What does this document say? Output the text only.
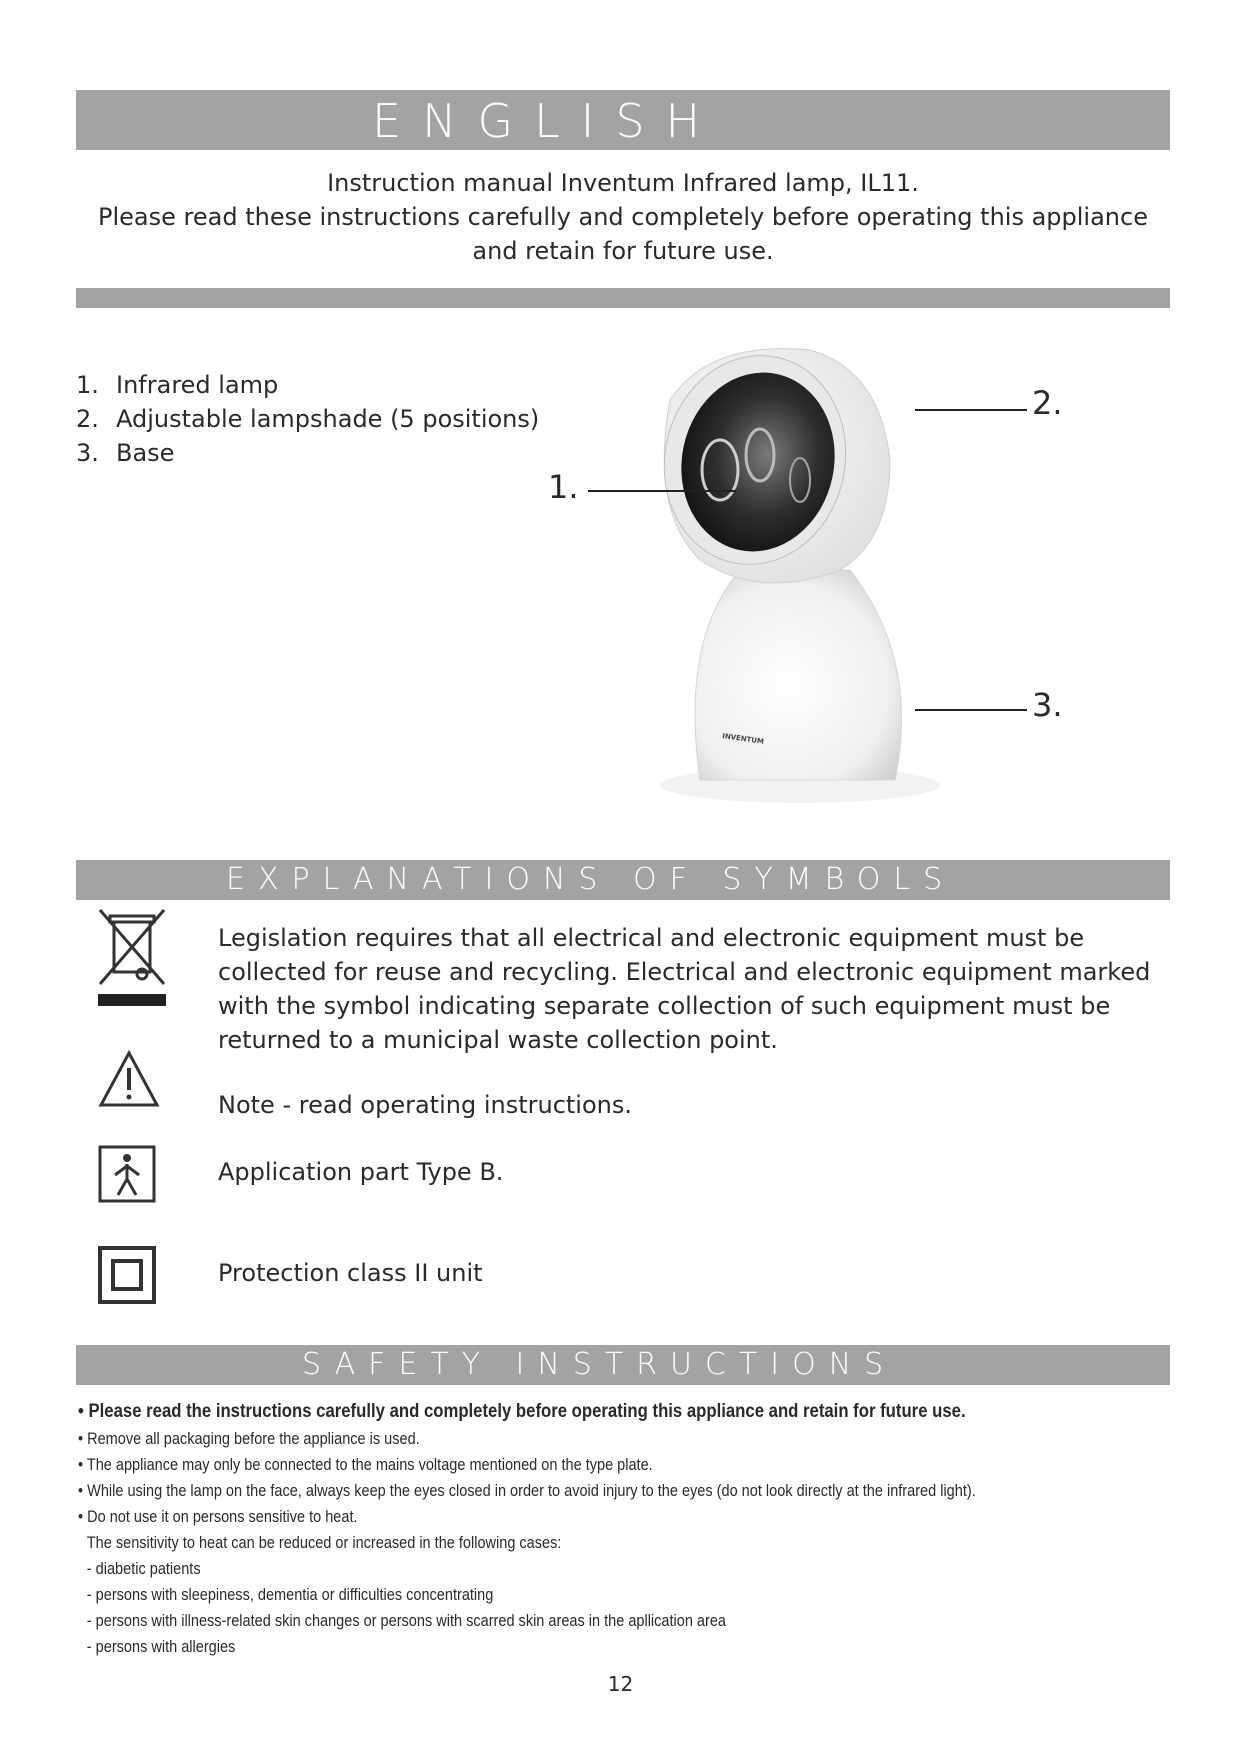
ENGLISH
Instruction manual Inventum Infrared lamp, IL11.
Please read these instructions carefully and completely before operating this appliance
and retain for future use.
1. Infrared lamp
2. Adjustable lampshade (5 positions)
3. Base
INVENTUM
1.
2.
3.
EXPLANATIONS OF SYMBOLS
Legislation requires that all electrical and electronic equipment must be collected for reuse and recycling. Electrical and electronic equipment marked with the symbol indicating separate collection of such equipment must be returned to a municipal waste collection point.
Note - read operating instructions.
Application part Type B.
Protection class II unit
SAFETY INSTRUCTIONS
• Please read the instructions carefully and completely before operating this appliance and retain for future use.
• Remove all packaging before the appliance is used.
• The appliance may only be connected to the mains voltage mentioned on the type plate.
• While using the lamp on the face, always keep the eyes closed in order to avoid injury to the eyes (do not look directly at the infrared light).
• Do not use it on persons sensitive to heat.
The sensitivity to heat can be reduced or increased in the following cases:
- diabetic patients
- persons with sleepiness, dementia or difficulties concentrating
- persons with illness-related skin changes or persons with scarred skin areas in the apllication area
- persons with allergies
12
